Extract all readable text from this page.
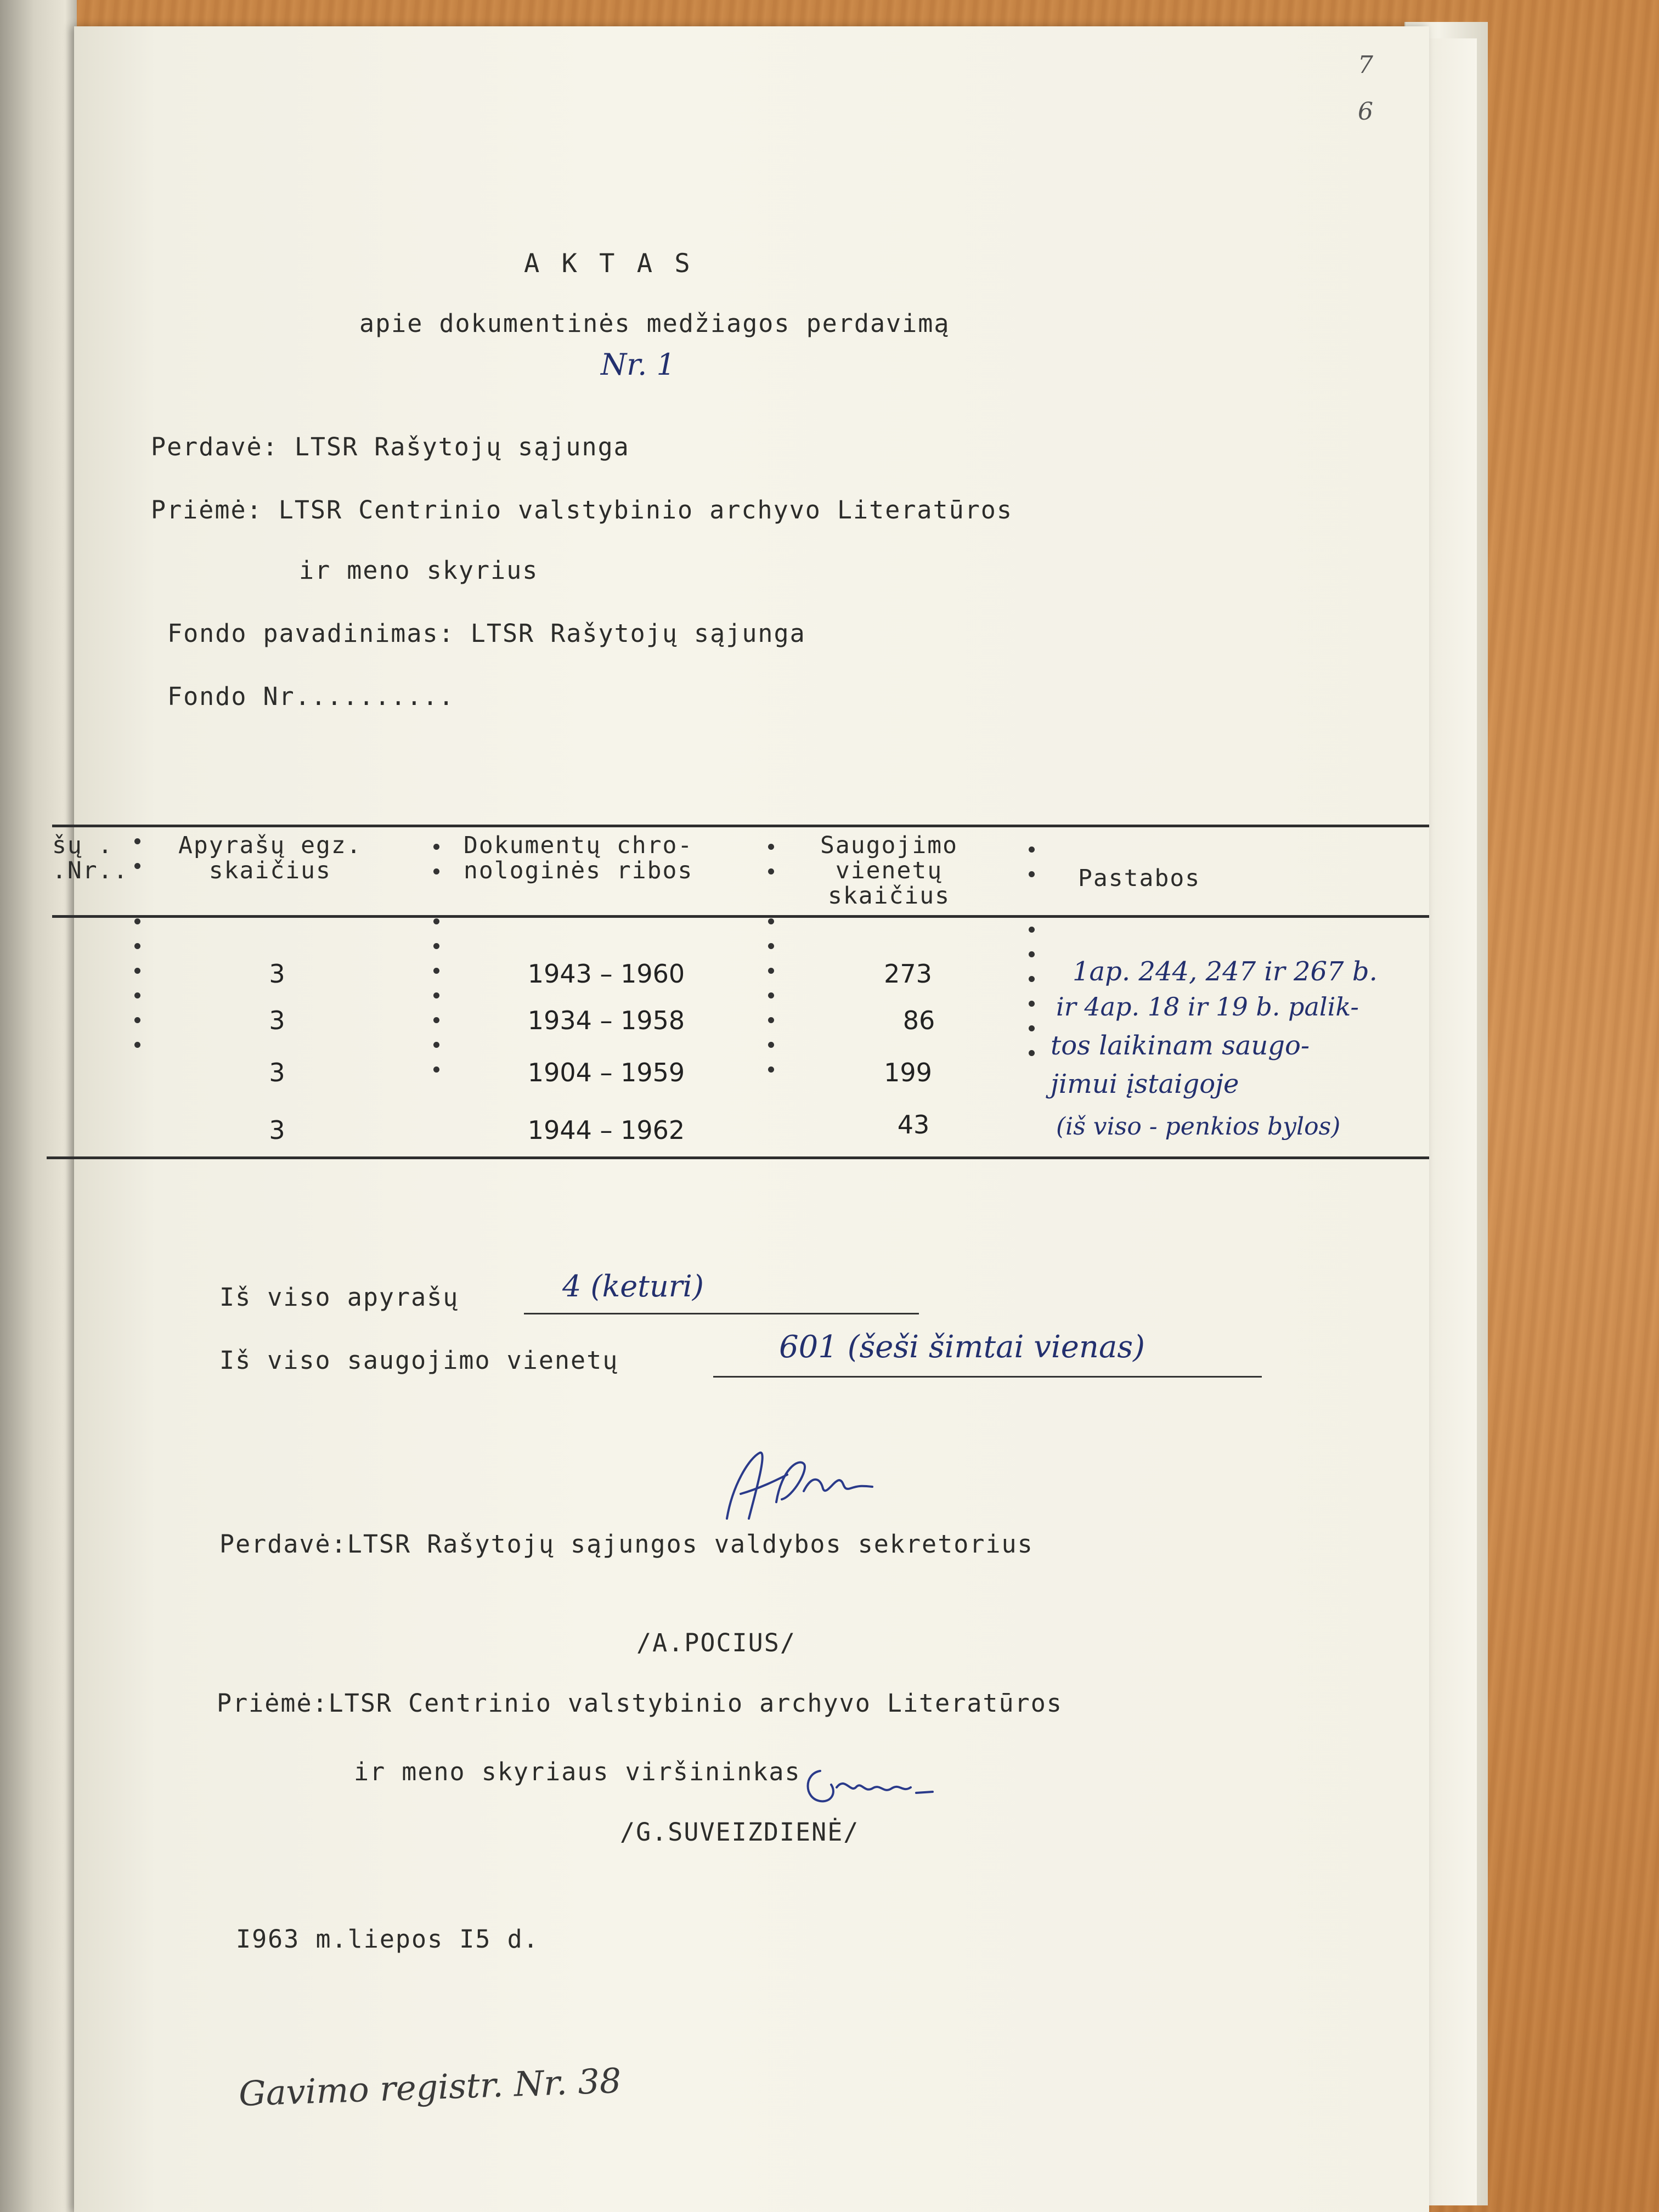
7
6
A K T A S
apie dokumentinės medžiagos perdavimą
Nr. 1
Perdavė: LTSR Rašytojų sąjunga
Priėmė: LTSR Centrinio valstybinio archyvo Literatūros
ir meno skyrius
Fondo pavadinimas: LTSR Rašytojų sąjunga
Fondo Nr..........
šų .
.Nr..
Apyrašų egz.
skaičius
Dokumentų chro-
nologinės ribos
Saugojimo
vienetų
skaičius
Pastabos
3
3
3
3
1943 – 1960
1934 – 1958
1904 – 1959
1944 – 1962
273
86
199
43
1ap. 244, 247 ir 267 b.
ir 4ap. 18 ir 19 b. palik-
tos laikinam saugo-
jimui įstaigoje
(iš viso - penkios bylos)
Iš viso apyrašų	4 (keturi)
Iš viso saugojimo vienetų	601 (šeši šimtai vienas)
Perdavė:LTSR Rašytojų sąjungos valdybos sekretorius
/A.POCIUS/
Priėmė:LTSR Centrinio valstybinio archyvo Literatūros
ir meno skyriaus viršininkas
/G.SUVEIZDIENĖ/
I963 m.liepos I5 d.
Gavimo registr. Nr. 38
